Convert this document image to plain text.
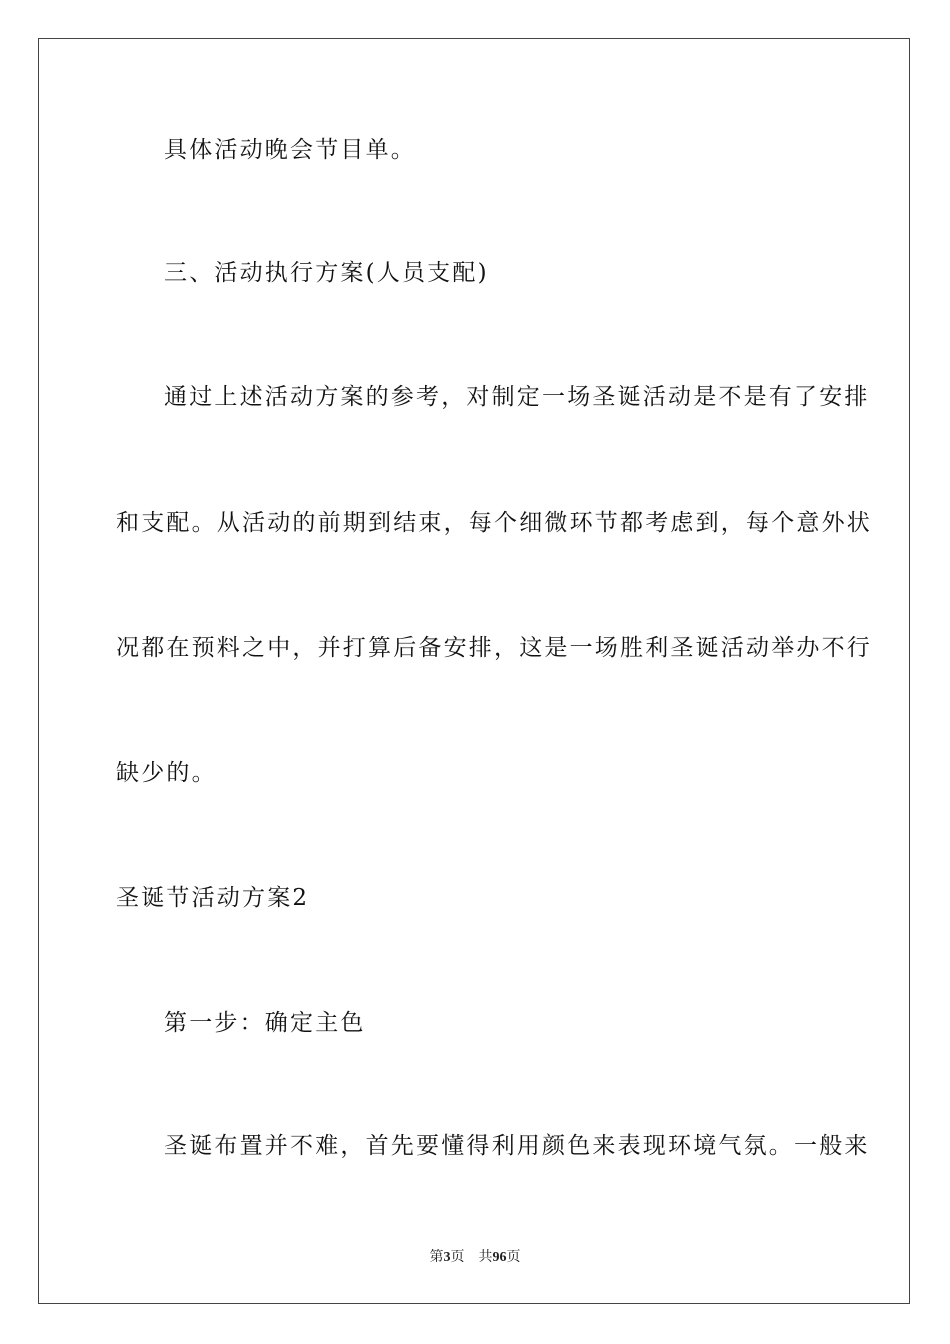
具体活动晚会节目单。
三、活动执行方案(人员支配)
通过上述活动方案的参考，对制定一场圣诞活动是不是有了安排
和支配。从活动的前期到结束，每个细微环节都考虑到，每个意外状
况都在预料之中，并打算后备安排，这是一场胜利圣诞活动举办不行
缺少的。
圣诞节活动方案2
第一步：确定主色
圣诞布置并不难，首先要懂得利用颜色来表现环境气氛。一般来
第3页 共96页
